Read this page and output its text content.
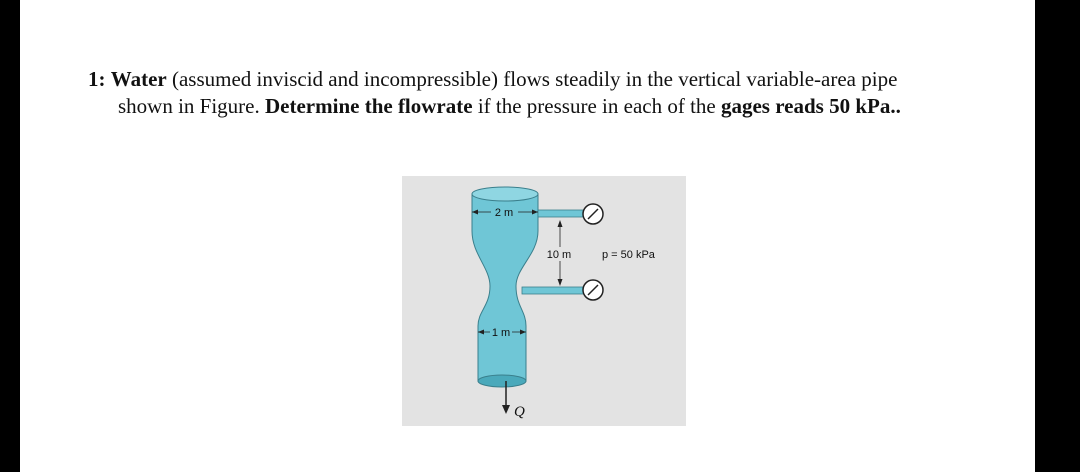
1: Water (assumed inviscid and incompressible) flows steadily in the vertical variable-area pipe
shown in Figure. Determine the flowrate if the pressure in each of the gages reads 50 kPa..
2 m
10 m	p = 50 kPa
1 m
Q
